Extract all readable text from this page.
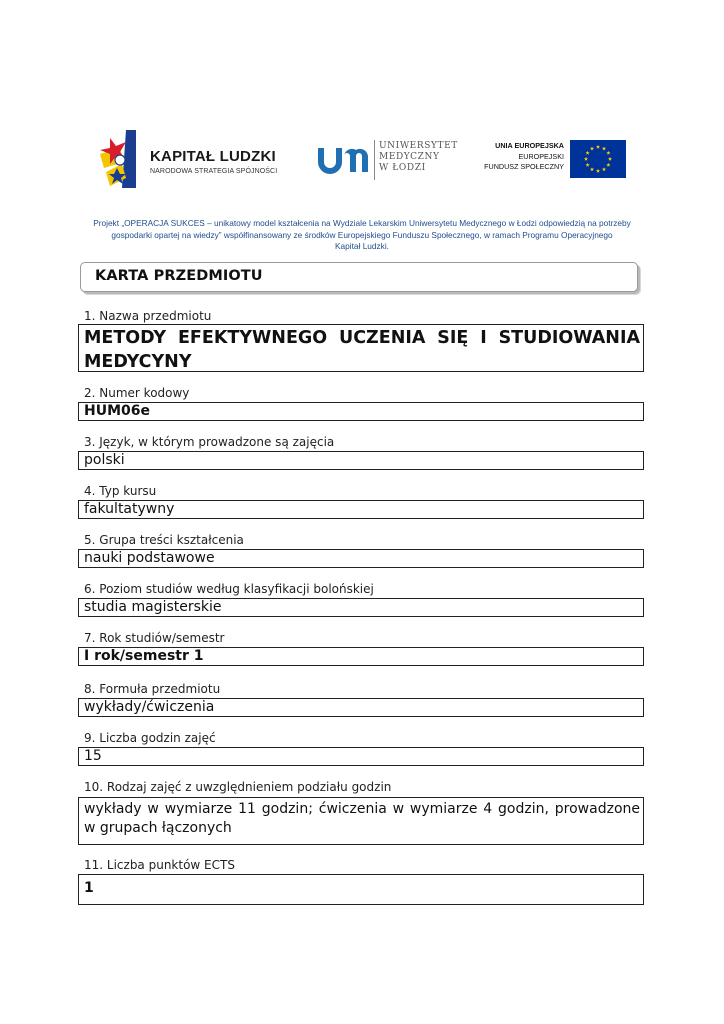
KAPITAŁ LUDZKI
NARODOWA STRATEGIA SPÓJNOŚCI
UNIWERSYTET
MEDYCZNY
W ŁODZI
UNIA EUROPEJSKA
EUROPEJSKI
FUNDUSZ SPOŁECZNY
Projekt „OPERACJA SUKCES – unikatowy model kształcenia na Wydziale Lekarskim Uniwersytetu Medycznego w Łodzi odpowiedzią na potrzeby
gospodarki opartej na wiedzy” współfinansowany ze środków Europejskiego Funduszu Społecznego, w ramach Programu Operacyjnego
Kapitał Ludzki.
KARTA PRZEDMIOTU
1. Nazwa przedmiotu
METODY EFEKTYWNEGO UCZENIA SIĘ I STUDIOWANIA MEDYCYNY
2. Numer kodowy
HUM06e
3. Język, w którym prowadzone są zajęcia
polski
4. Typ kursu
fakultatywny
5. Grupa treści kształcenia
nauki podstawowe
6. Poziom studiów według klasyfikacji bolońskiej
studia magisterskie
7. Rok studiów/semestr
I rok/semestr 1
8. Formuła przedmiotu
wykłady/ćwiczenia
9. Liczba godzin zajęć
15
10. Rodzaj zajęć z uwzględnieniem podziału godzin
wykłady w wymiarze 11 godzin; ćwiczenia w wymiarze 4 godzin, prowadzone w grupach łączonych
11. Liczba punktów ECTS
1
